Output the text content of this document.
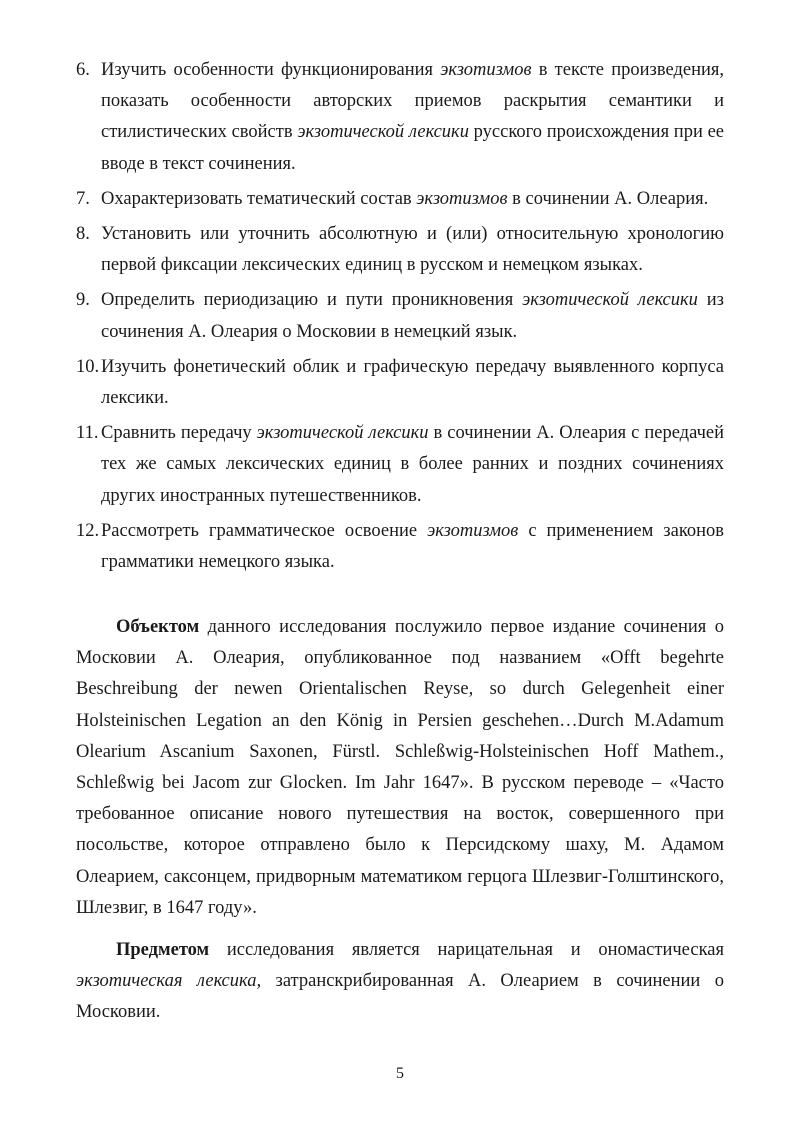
6. Изучить особенности функционирования экзотизмов в тексте произведения, показать особенности авторских приемов раскрытия семантики и стилистических свойств экзотической лексики русского происхождения при ее вводе в текст сочинения.
7. Охарактеризовать тематический состав экзотизмов в сочинении А. Олеария.
8. Установить или уточнить абсолютную и (или) относительную хронологию первой фиксации лексических единиц в русском и немецком языках.
9. Определить периодизацию и пути проникновения экзотической лексики из сочинения А. Олеария о Московии в немецкий язык.
10. Изучить фонетический облик и графическую передачу выявленного корпуса лексики.
11. Сравнить передачу экзотической лексики в сочинении А. Олеария с передачей тех же самых лексических единиц в более ранних и поздних сочинениях других иностранных путешественников.
12. Рассмотреть грамматическое освоение экзотизмов с применением законов грамматики немецкого языка.

Объектом данного исследования послужило первое издание сочинения о Московии А. Олеария, опубликованное под названием «Offt begehrte Beschreibung der newen Orientalischen Reyse, so durch Gelegenheit einer Holsteinischen Legation an den König in Persien geschehen…Durch M.Adamum Olearium Ascanium Saxonen, Fürstl. Schleßwig-Holsteinischen Hoff Mathem., Schleßwig bei Jacom zur Glocken. Im Jahr 1647». В русском переводе – «Часто требованное описание нового путешествия на восток, совершенного при посольстве, которое отправлено было к Персидскому шаху, М. Адамом Олеарием, саксонцем, придворным математиком герцога Шлезвиг-Голштинского, Шлезвиг, в 1647 году».

Предметом исследования является нарицательная и ономастическая экзотическая лексика, затранскрибированная А. Олеарием в сочинении о Московии.

5
